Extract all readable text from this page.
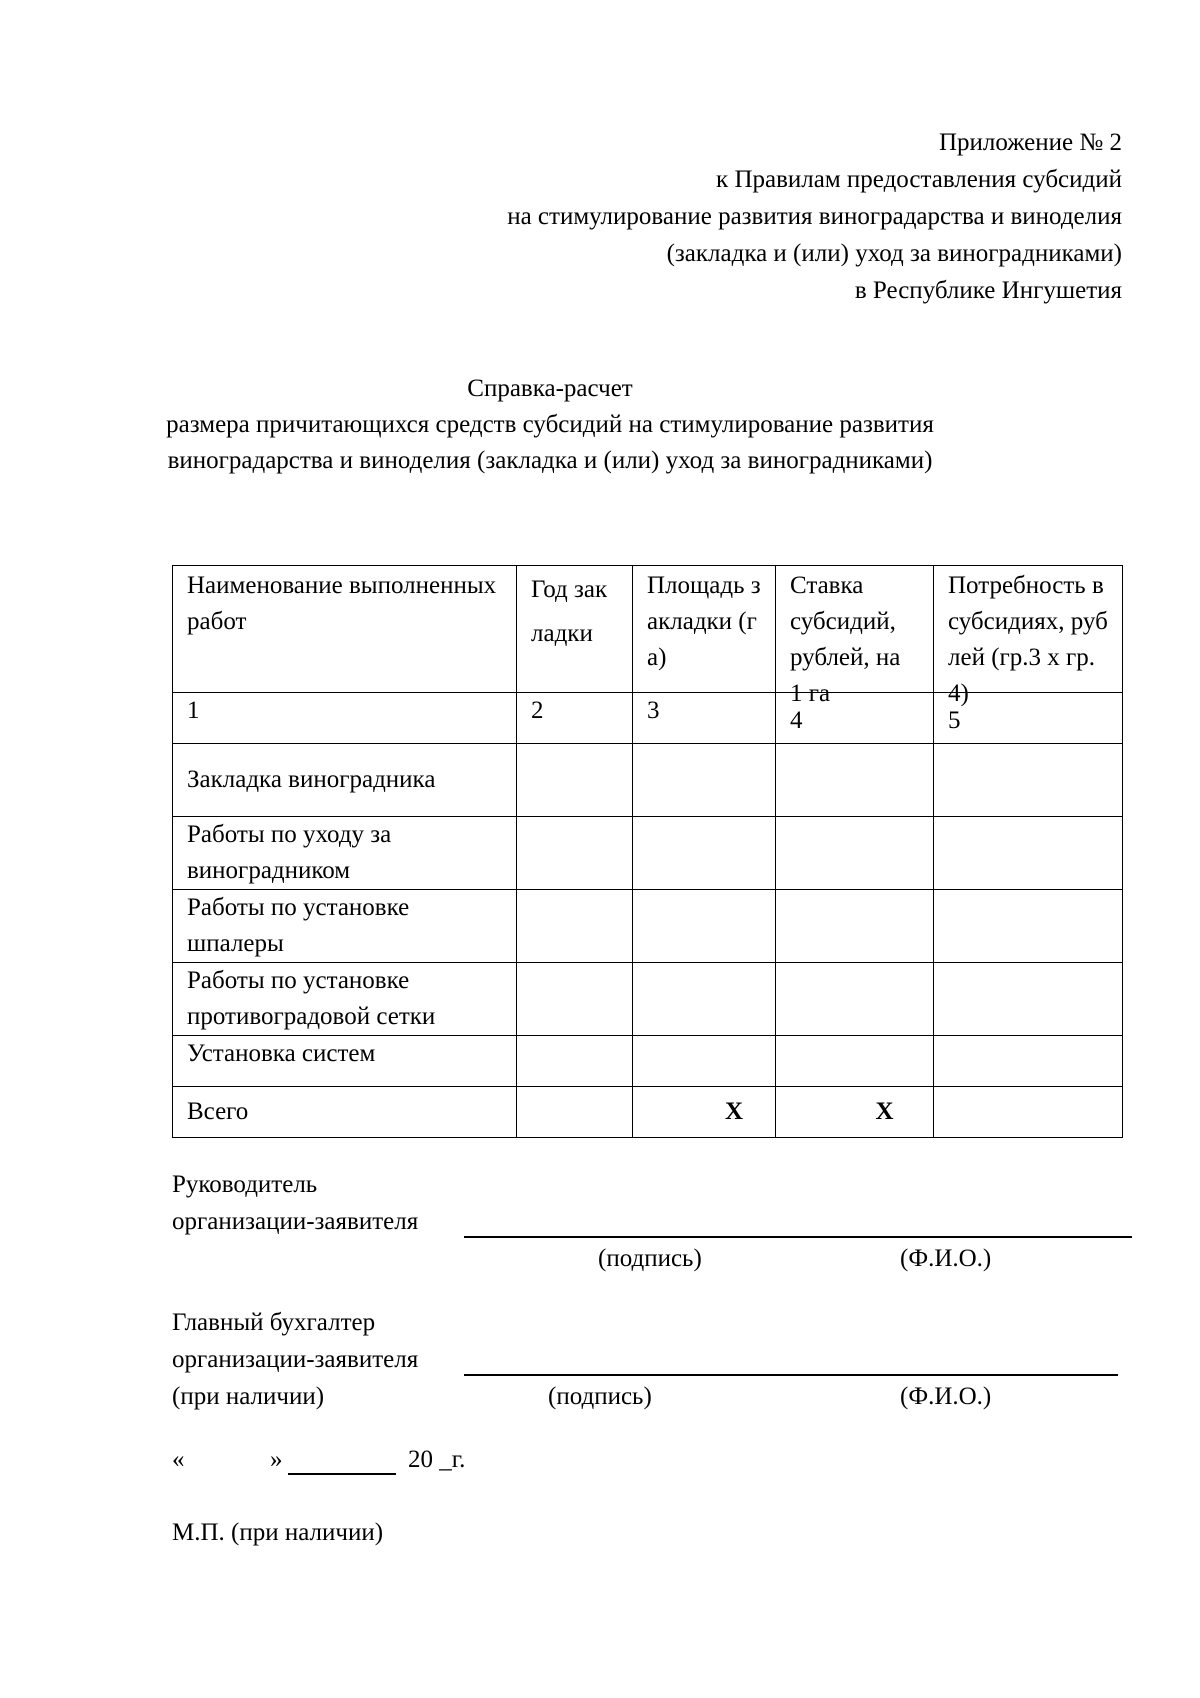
Приложение № 2
к Правилам предоставления субсидий
на стимулирование развития виноградарства и виноделия
(закладка и (или) уход за виноградниками)
в Республике Ингушетия
Справка-расчет
размера причитающихся средств субсидий на стимулирование развития
виноградарства и виноделия (закладка и (или) уход за виноградниками)
Наименование выполненных работ	Год закладки	Площадь закладки (га)	Ставка субсидий, рублей, на 1 га	Потребность в субсидиях, рублей (гр.3 x гр.4)

1	2	3	4	5
Закладка виноградника				
Работы по уходу за виноградником				
Работы по установке шпалеры				
Работы по установке противоградовой сетки				
Установка систем				
Всего		X	X	
Руководитель
организации-заявителя
(подпись)	(Ф.И.О.)
Главный бухгалтер
организации-заявителя
(при наличии)	(подпись)	(Ф.И.О.)
«	»	20 _г.
М.П. (при наличии)
